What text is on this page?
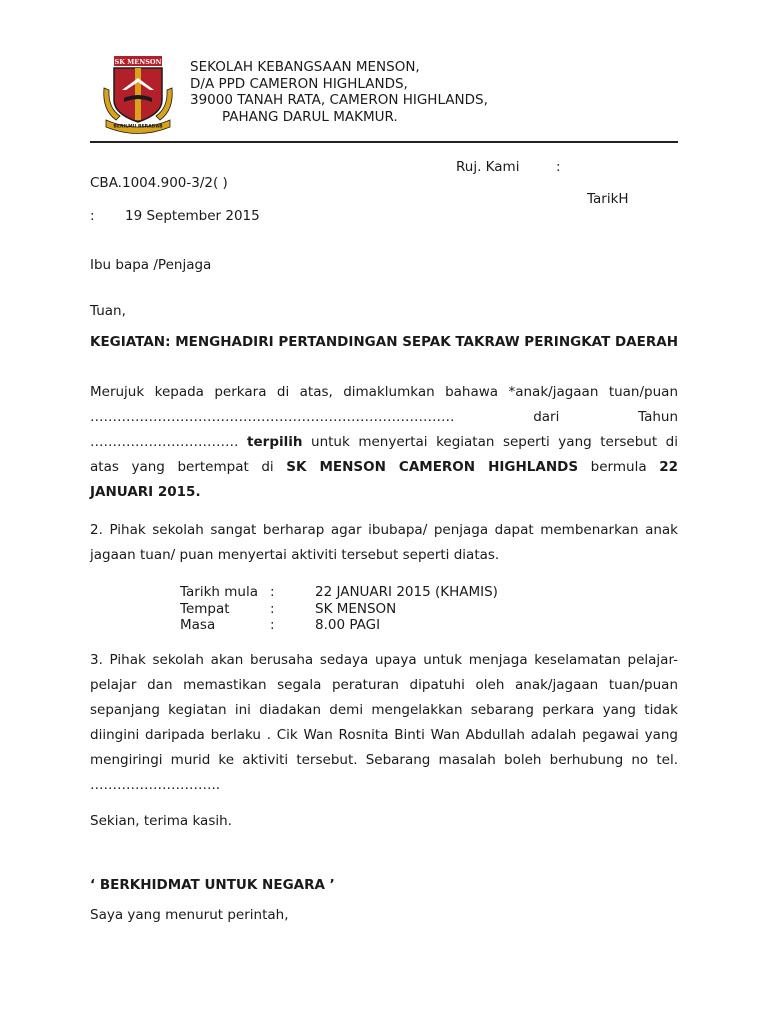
SK MENSON
BERILMU BERADAB
SEKOLAH KEBANGSAAN MENSON,
D/A PPD CAMERON HIGHLANDS,
39000 TANAH RATA, CAMERON HIGHLANDS,
PAHANG DARUL MAKMUR.
Ruj. Kami	:
CBA.1004.900-3/2( )
TarikH
: 19 September 2015
Ibu bapa /Penjaga
Tuan,
KEGIATAN: MENGHADIRI PERTANDINGAN SEPAK TAKRAW PERINGKAT DAERAH
Merujuk kepada perkara di atas, dimaklumkan bahawa *anak/jagaan tuan/puan
………………………………………………………………………	dari	Tahun
…………………………… terpilih untuk menyertai kegiatan seperti yang tersebut di
atas yang bertempat di SK MENSON CAMERON HIGHLANDS bermula 22
JANUARI 2015.
2. Pihak sekolah sangat berharap agar ibubapa/ penjaga dapat membenarkan anak
jagaan tuan/ puan menyertai aktiviti tersebut seperti diatas.
Tarikh mula :	22 JANUARI 2015 (KHAMIS)
Tempat	:	SK MENSON
Masa	:	8.00 PAGI
3. Pihak sekolah akan berusaha sedaya upaya untuk menjaga keselamatan pelajar-
pelajar dan memastikan segala peraturan dipatuhi oleh anak/jagaan tuan/puan
sepanjang kegiatan ini diadakan demi mengelakkan sebarang perkara yang tidak
diingini daripada berlaku . Cik Wan Rosnita Binti Wan Abdullah adalah pegawai yang
mengiringi murid ke aktiviti tersebut. Sebarang masalah boleh berhubung no tel.
………………………..
Sekian, terima kasih.
‘ BERKHIDMAT UNTUK NEGARA ’
Saya yang menurut perintah,
